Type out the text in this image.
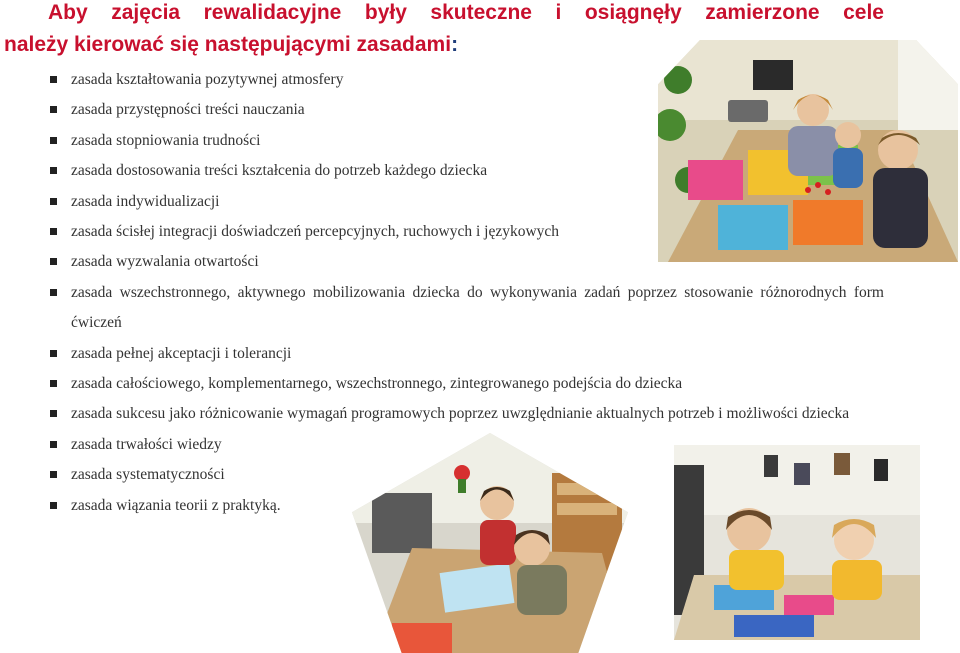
Aby zajęcia rewalidacyjne były skuteczne i osiągnęły zamierzone cele
należy kierować się następującymi zasadami:
zasada kształtowania pozytywnej atmosfery
zasada przystępności treści nauczania
zasada stopniowania trudności
zasada dostosowania treści kształcenia do potrzeb każdego dziecka
zasada indywidualizacji
zasada ścisłej integracji doświadczeń percepcyjnych, ruchowych i językowych
zasada wyzwalania otwartości
zasada wszechstronnego, aktywnego mobilizowania dziecka do wykonywania zadań poprzez stosowanie różnorodnych form ćwiczeń
zasada pełnej akceptacji i tolerancji
zasada całościowego, komplementarnego, wszechstronnego, zintegrowanego podejścia do dziecka
zasada sukcesu jako różnicowanie wymagań programowych poprzez uwzględnianie aktualnych potrzeb i możliwości dziecka
zasada trwałości wiedzy
zasada systematyczności
zasada wiązania teorii z praktyką.
